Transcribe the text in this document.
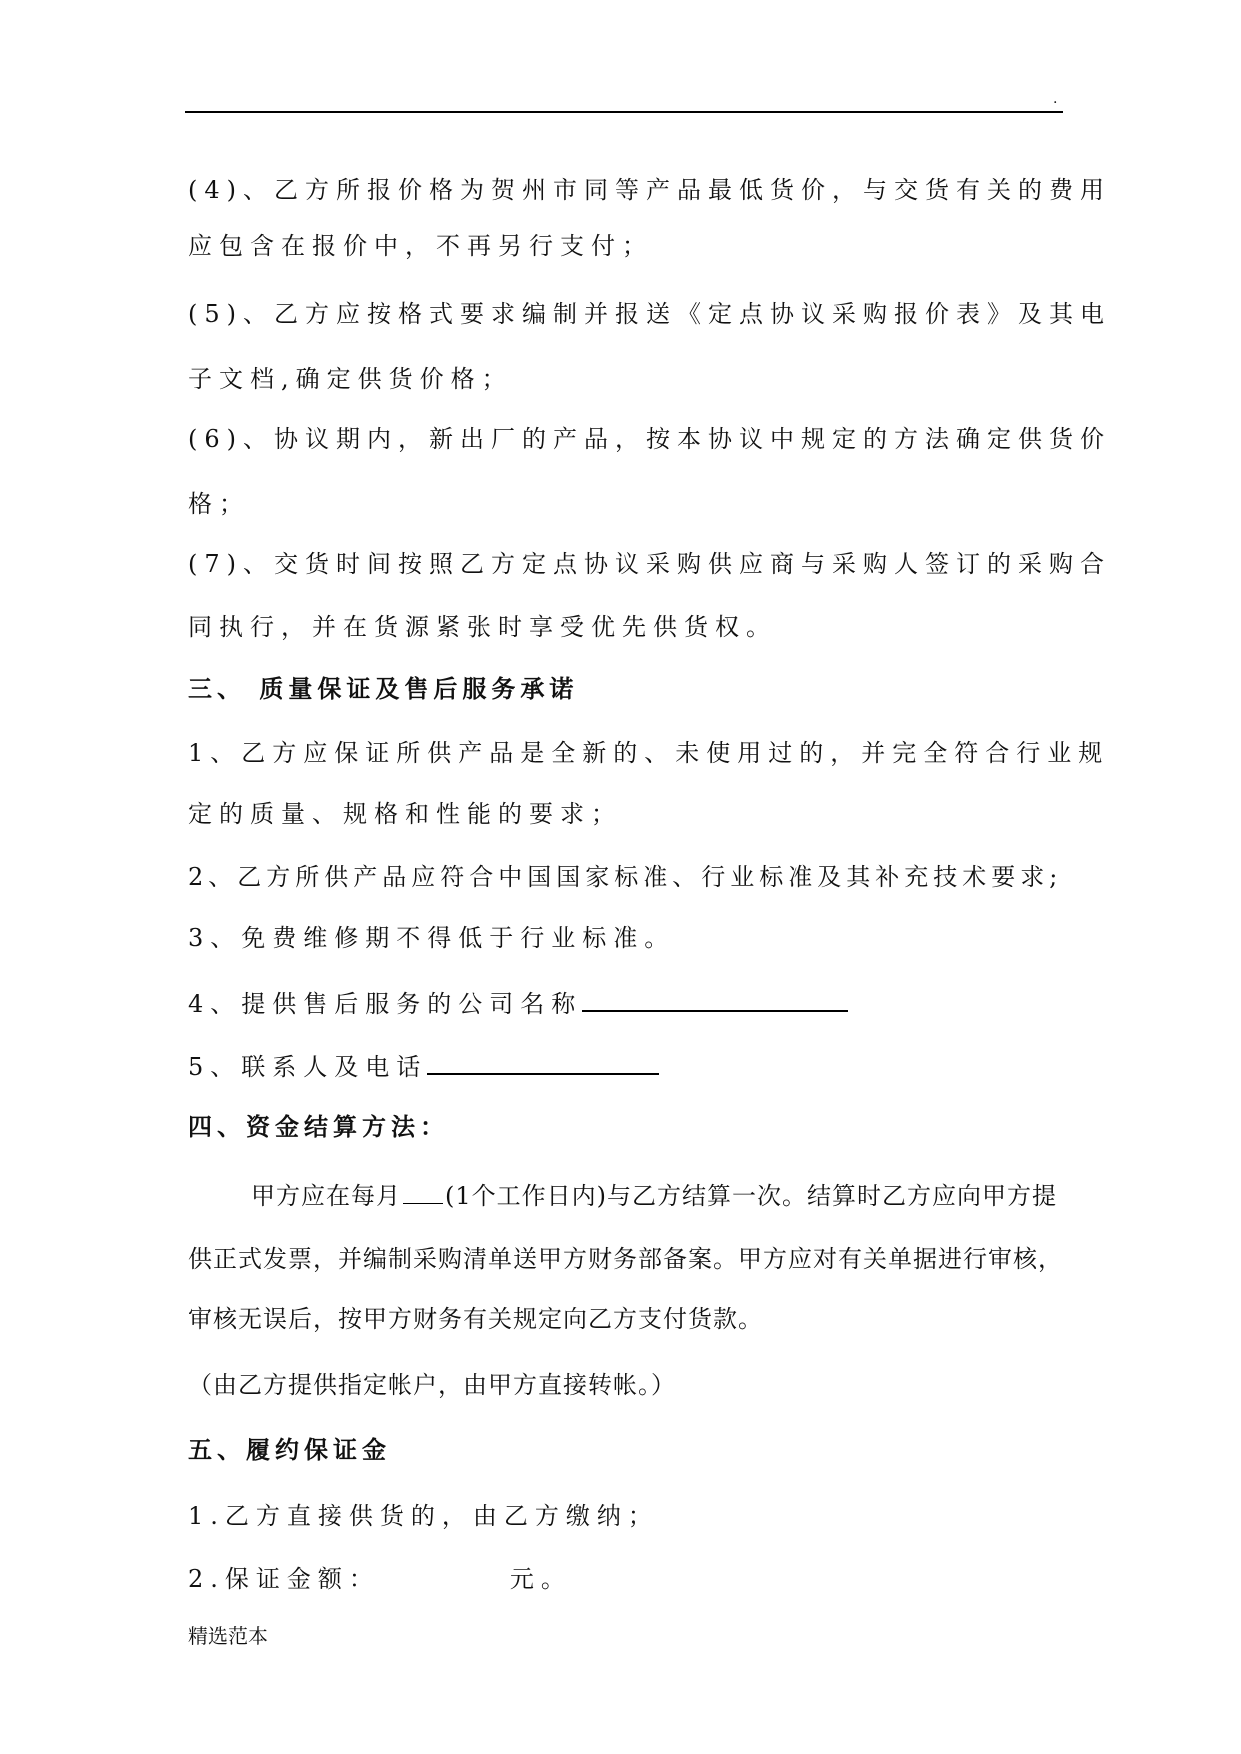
.
(4)、乙方所报价格为贺州市同等产品最低货价，与交货有关的费用
应包含在报价中，不再另行支付；
(5)、乙方应按格式要求编制并报送《定点协议采购报价表》及其电
子文档,确定供货价格；
(6)、协议期内，新出厂的产品，按本协议中规定的方法确定供货价
格；
(7)、交货时间按照乙方定点协议采购供应商与采购人签订的采购合
同执行，并在货源紧张时享受优先供货权。
三、 质量保证及售后服务承诺
1、乙方应保证所供产品是全新的、未使用过的，并完全符合行业规
定的质量、规格和性能的要求；
2、乙方所供产品应符合中国国家标准、行业标准及其补充技术要求;
3、免费维修期不得低于行业标准。
4、提供售后服务的公司名称
5、联系人及电话
四、资金结算方法：
甲方应在每月 (1个工作日内)与乙方结算一次。结算时乙方应向甲方提
供正式发票，并编制采购清单送甲方财务部备案。甲方应对有关单据进行审核，
审核无误后，按甲方财务有关规定向乙方支付货款。
（由乙方提供指定帐户，由甲方直接转帐。）
五、履约保证金
1.乙方直接供货的，由乙方缴纳；
2.保证金额：	元。
精选范本
